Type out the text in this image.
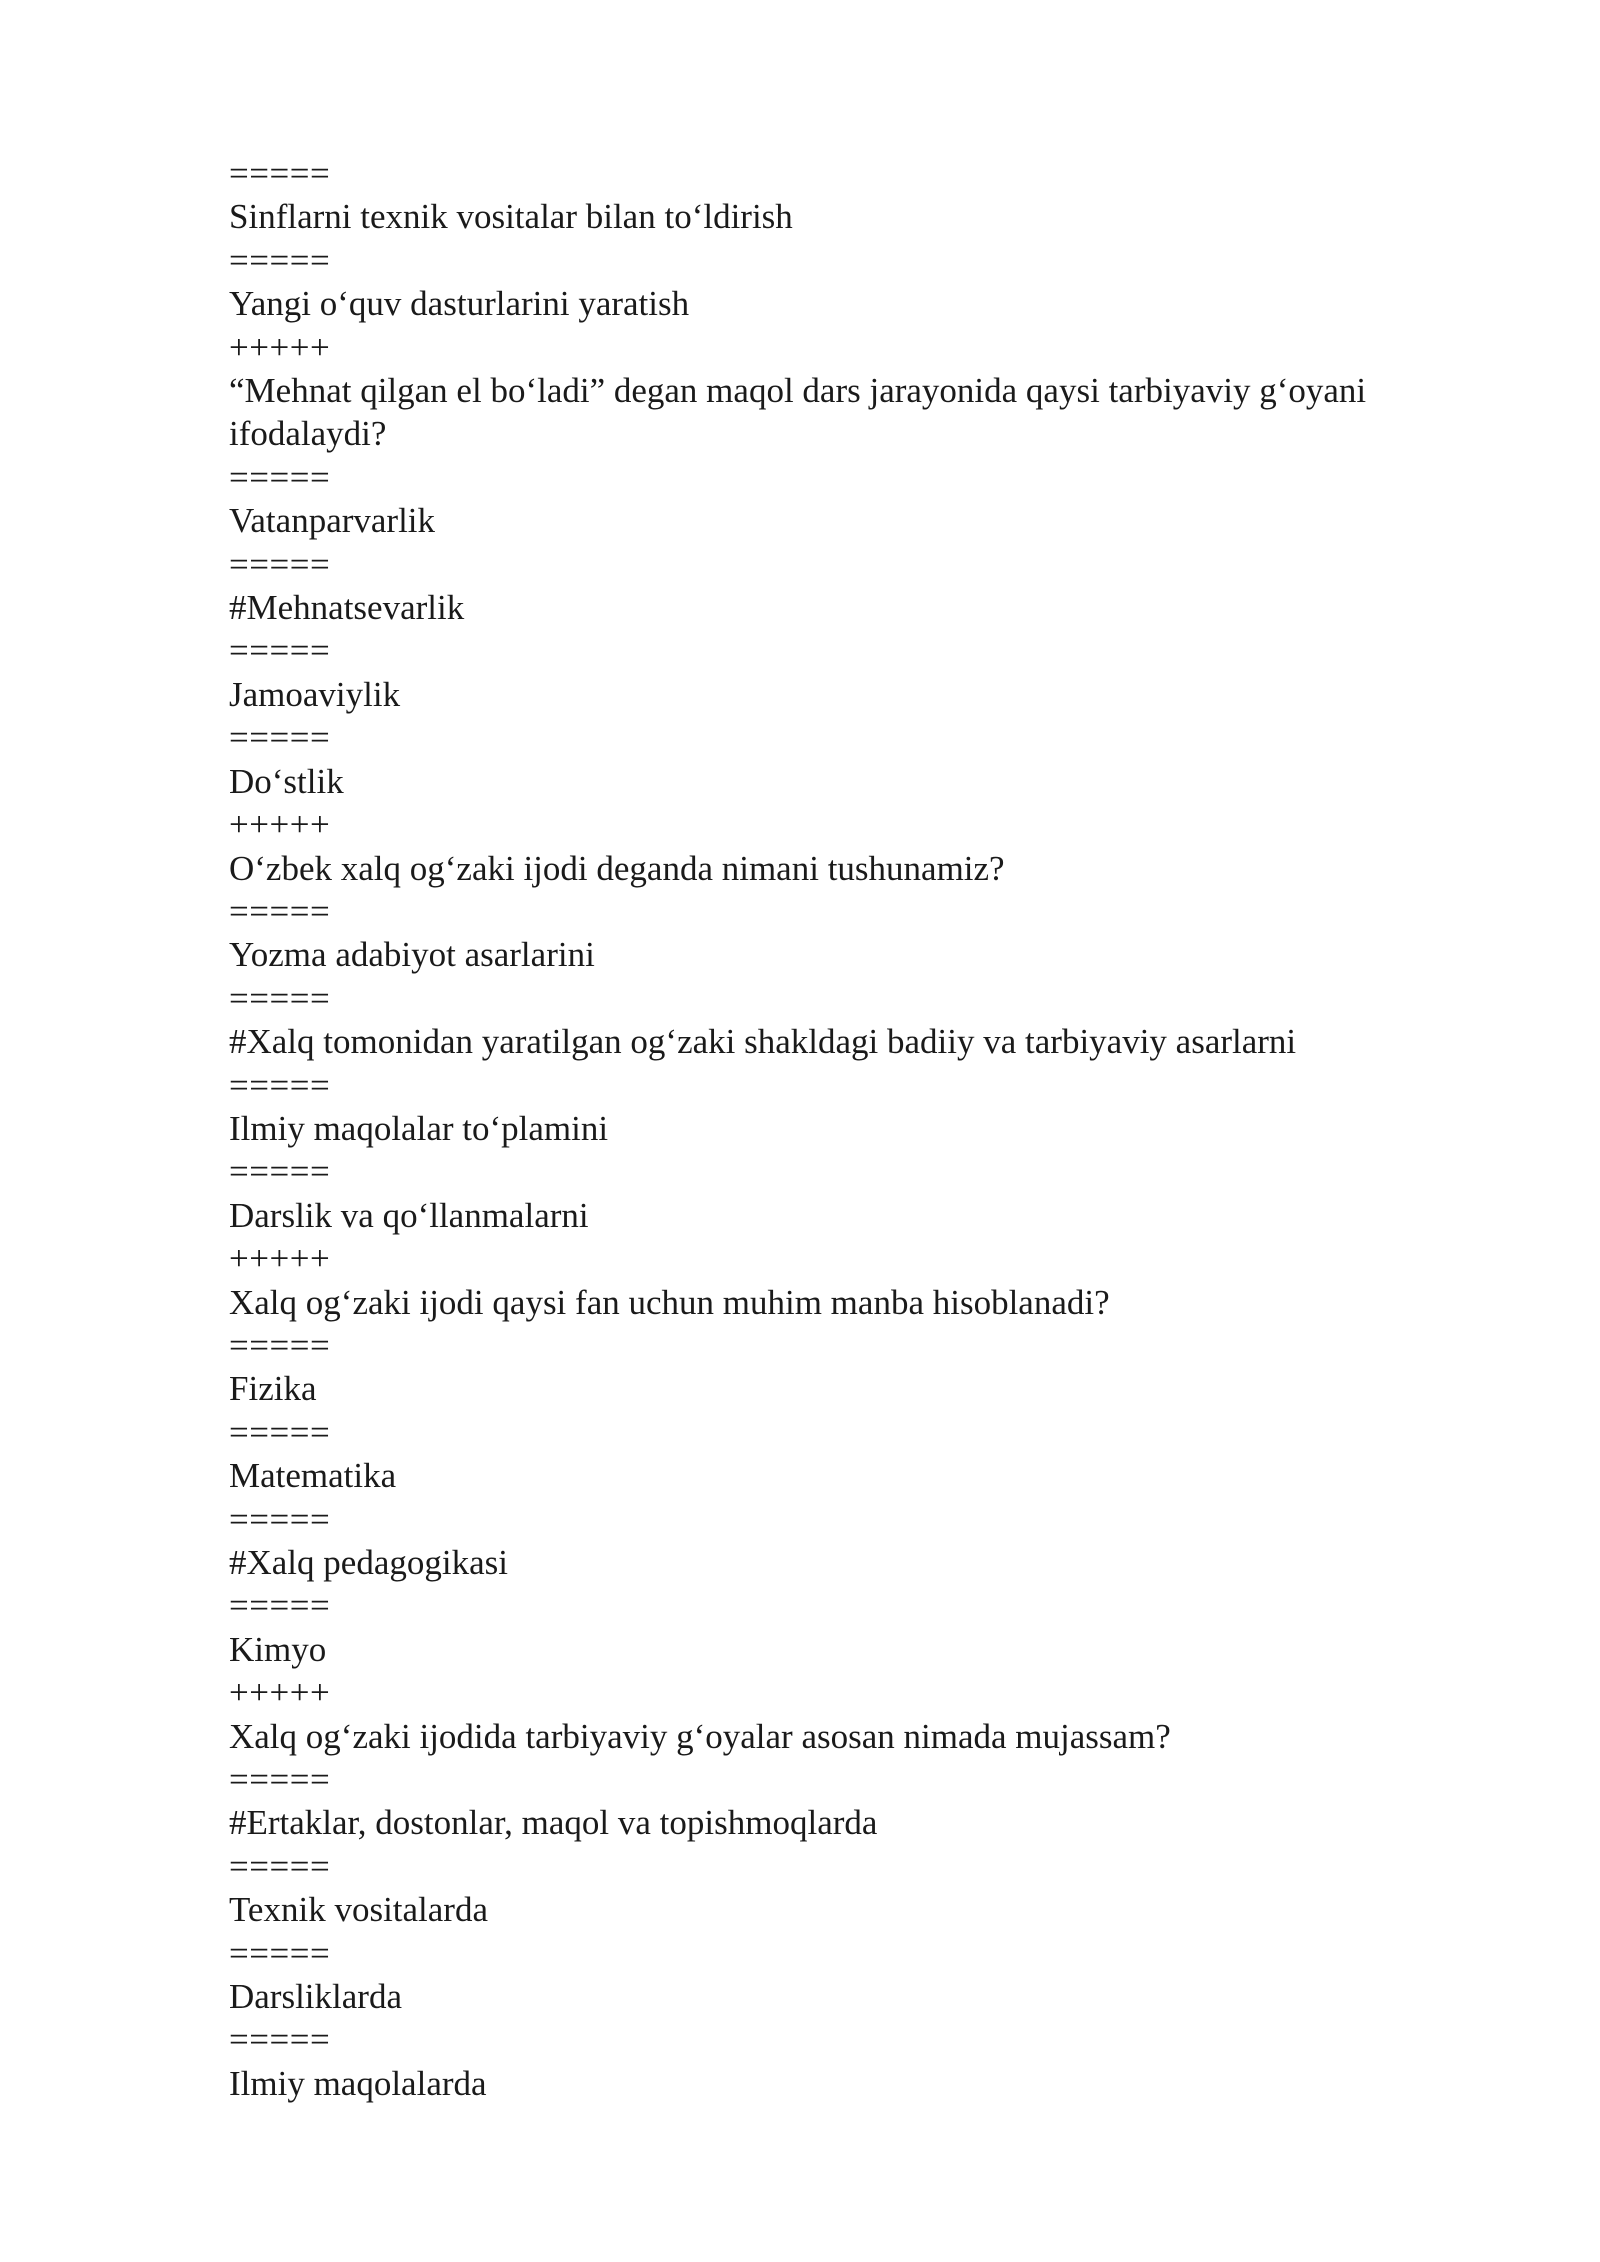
=====

Sinflarni texnik vositalar bilan to‘ldirish

=====

Yangi o‘quv dasturlarini yaratish

+++++

“Mehnat qilgan el bo‘ladi” degan maqol dars jarayonida qaysi tarbiyaviy g‘oyani ifodalaydi?

=====

Vatanparvarlik

=====

#Mehnatsevarlik

=====

Jamoaviylik

=====

Do‘stlik

+++++

O‘zbek xalq og‘zaki ijodi deganda nimani tushunamiz?

=====

Yozma adabiyot asarlarini

=====

#Xalq tomonidan yaratilgan og‘zaki shakldagi badiiy va tarbiyaviy asarlarni

=====

Ilmiy maqolalar to‘plamini

=====

Darslik va qo‘llanmalarni

+++++

Xalq og‘zaki ijodi qaysi fan uchun muhim manba hisoblanadi?

=====

Fizika

=====

Matematika

=====

#Xalq pedagogikasi

=====

Kimyo

+++++

Xalq og‘zaki ijodida tarbiyaviy g‘oyalar asosan nimada mujassam?

=====

#Ertaklar, dostonlar, maqol va topishmoqlarda

=====

Texnik vositalarda

=====

Darsliklarda

=====

Ilmiy maqolalarda
